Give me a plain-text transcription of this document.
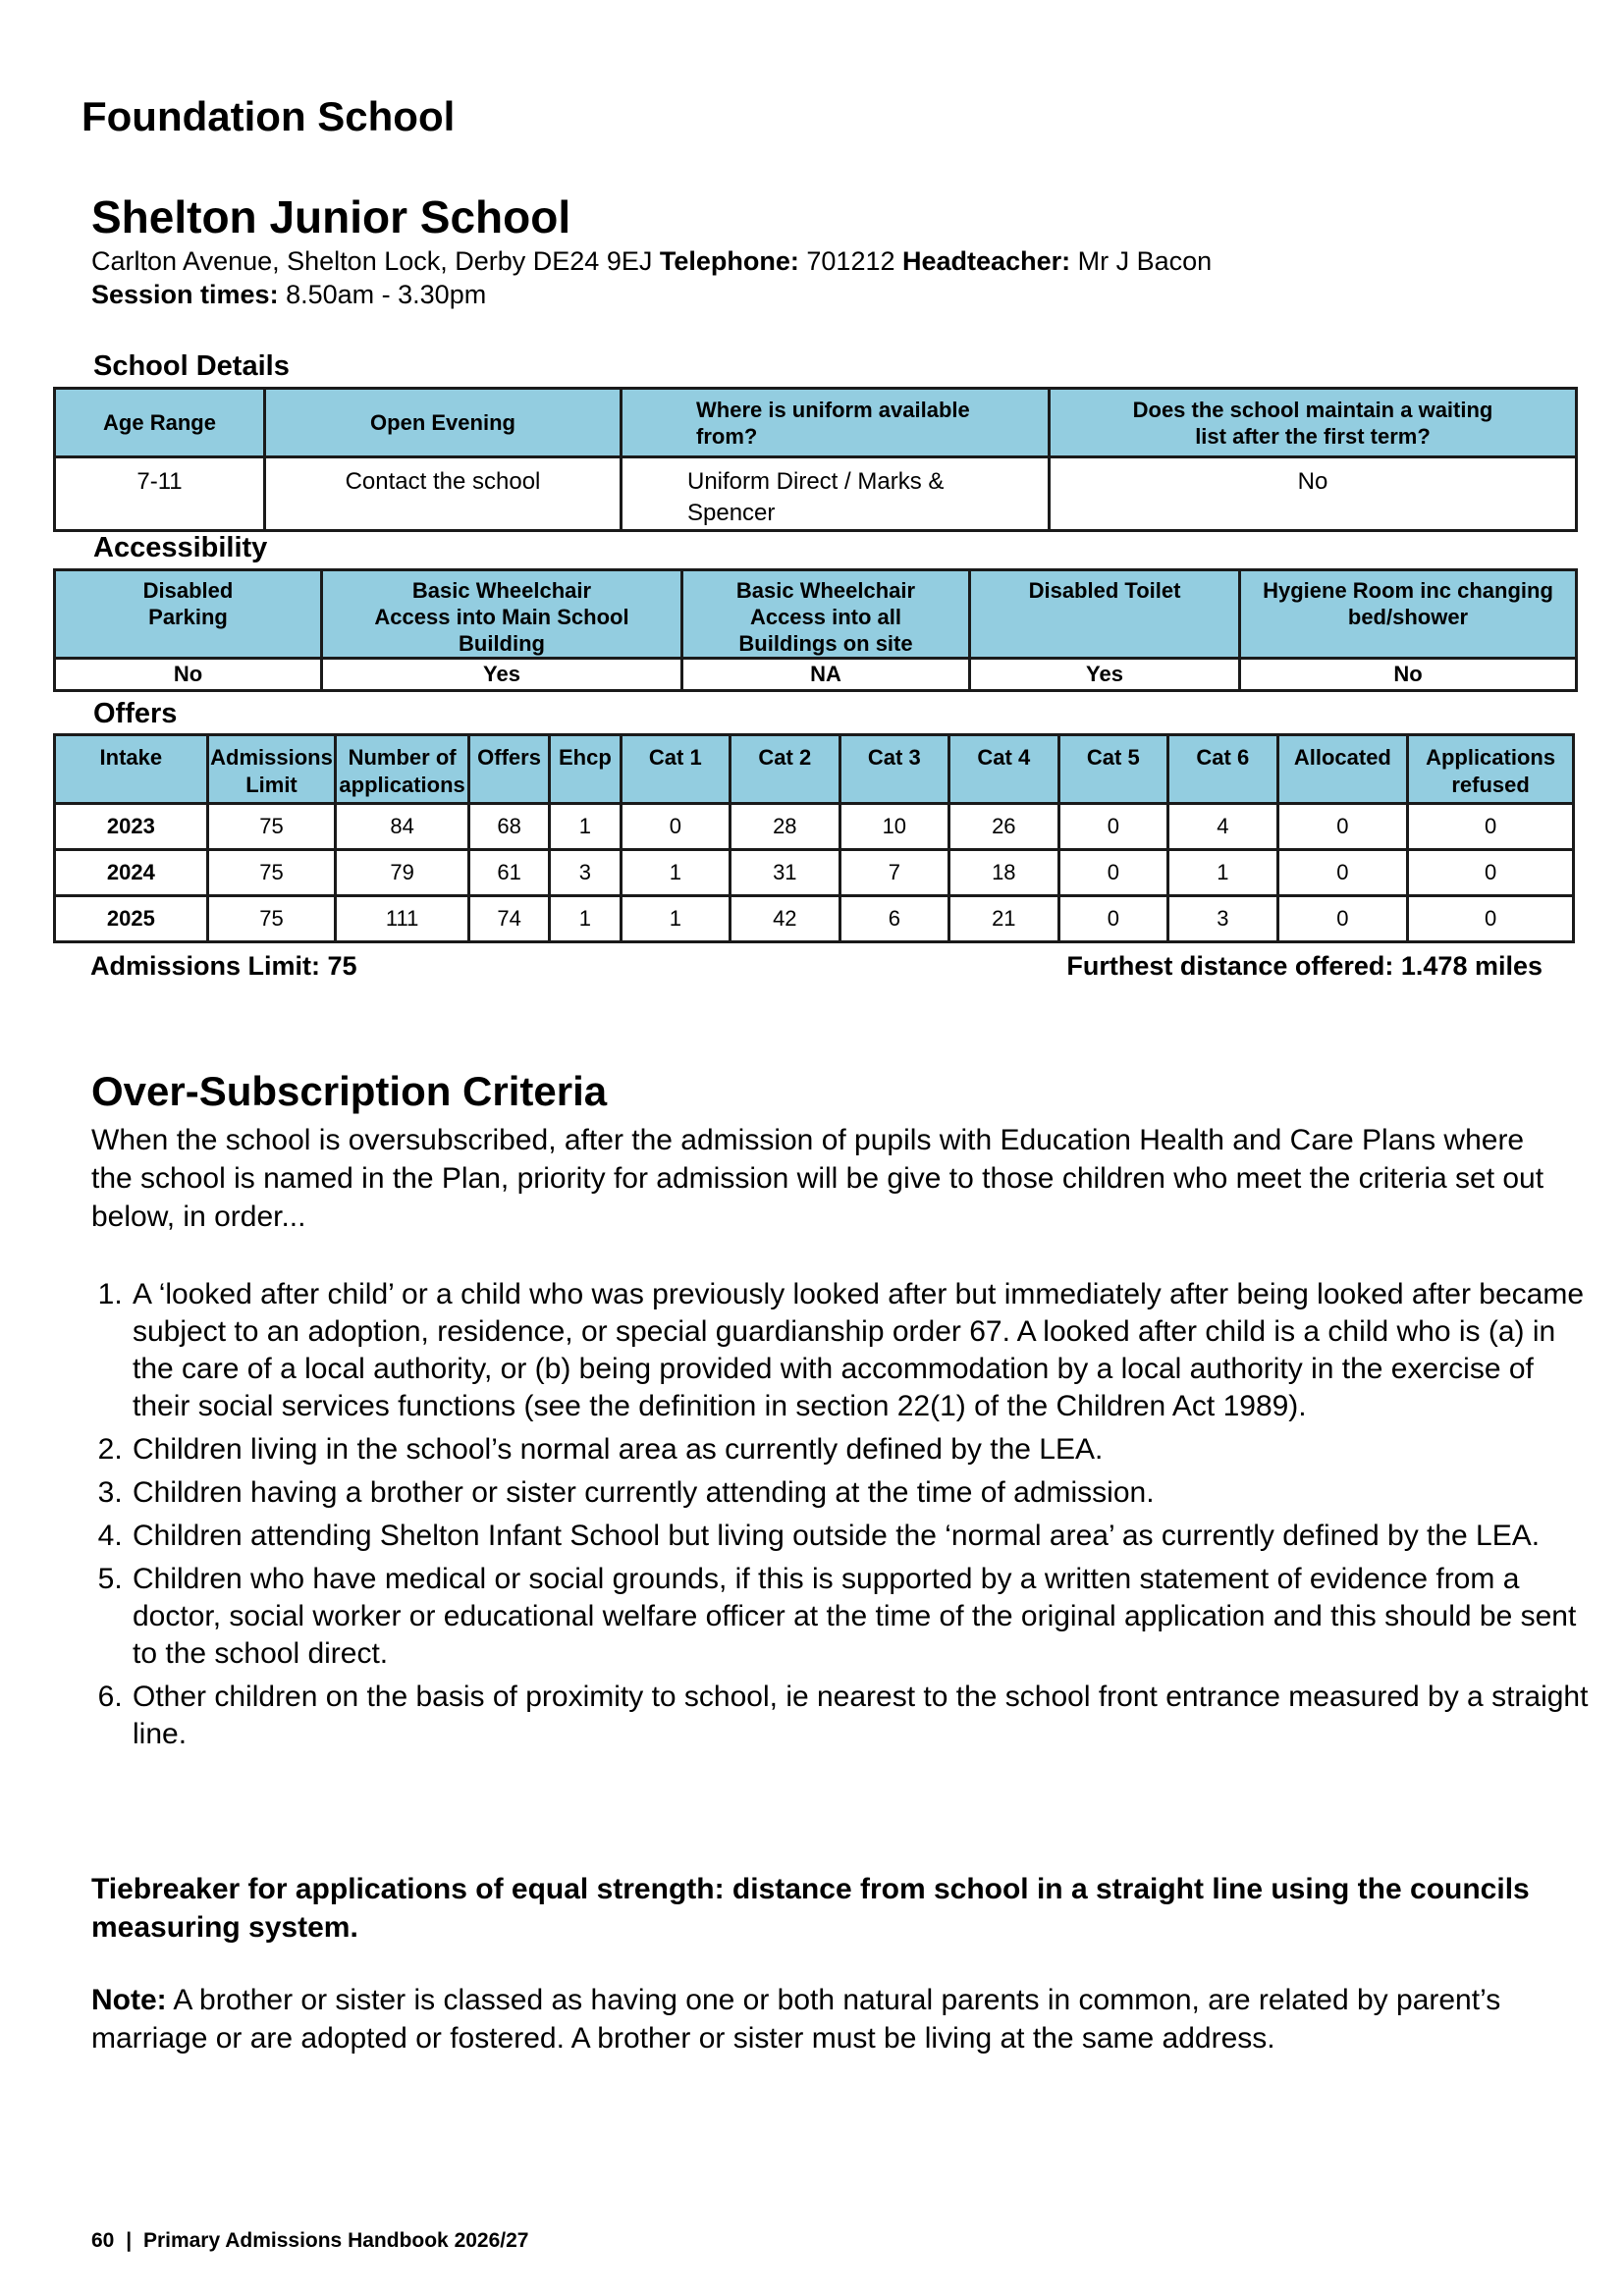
Foundation School
Shelton Junior School
Carlton Avenue, Shelton Lock, Derby DE24 9EJ Telephone: 701212 Headteacher: Mr J Bacon
Session times: 8.50am - 3.30pm
School Details
Age Range	Open Evening	Where is uniform available from?	Does the school maintain a waiting list after the first term?
7-11	Contact the school	Uniform Direct / Marks & Spencer	No
Accessibility
Disabled Parking	Basic Wheelchair Access into Main School Building	Basic Wheelchair Access into all Buildings on site	Disabled Toilet	Hygiene Room inc changing bed/shower
No	Yes	NA	Yes	No
Offers
Intake	Admissions Limit	Number of applications	Offers	Ehcp	Cat 1	Cat 2	Cat 3	Cat 4	Cat 5	Cat 6	Allocated	Applications refused
2023	75	84	68	1	0	28	10	26	0	4	0	0
2024	75	79	61	3	1	31	7	18	0	1	0	0
2025	75	111	74	1	1	42	6	21	0	3	0	0
Admissions Limit: 75	Furthest distance offered: 1.478 miles
Over-Subscription Criteria
When the school is oversubscribed, after the admission of pupils with Education Health and Care Plans where the school is named in the Plan, priority for admission will be give to those children who meet the criteria set out below, in order...
1. A ‘looked after child’ or a child who was previously looked after but immediately after being looked after became subject to an adoption, residence, or special guardianship order 67. A looked after child is a child who is (a) in the care of a local authority, or (b) being provided with accommodation by a local authority in the exercise of their social services functions (see the definition in section 22(1) of the Children Act 1989).
2. Children living in the school’s normal area as currently defined by the LEA.
3. Children having a brother or sister currently attending at the time of admission.
4. Children attending Shelton Infant School but living outside the ‘normal area’ as currently defined by the LEA.
5. Children who have medical or social grounds, if this is supported by a written statement of evidence from a doctor, social worker or educational welfare officer at the time of the original application and this should be sent to the school direct.
6. Other children on the basis of proximity to school, ie nearest to the school front entrance measured by a straight line.
Tiebreaker for applications of equal strength: distance from school in a straight line using the councils measuring system.
Note: A brother or sister is classed as having one or both natural parents in common, are related by parent’s marriage or are adopted or fostered. A brother or sister must be living at the same address.
60 | Primary Admissions Handbook 2026/27
